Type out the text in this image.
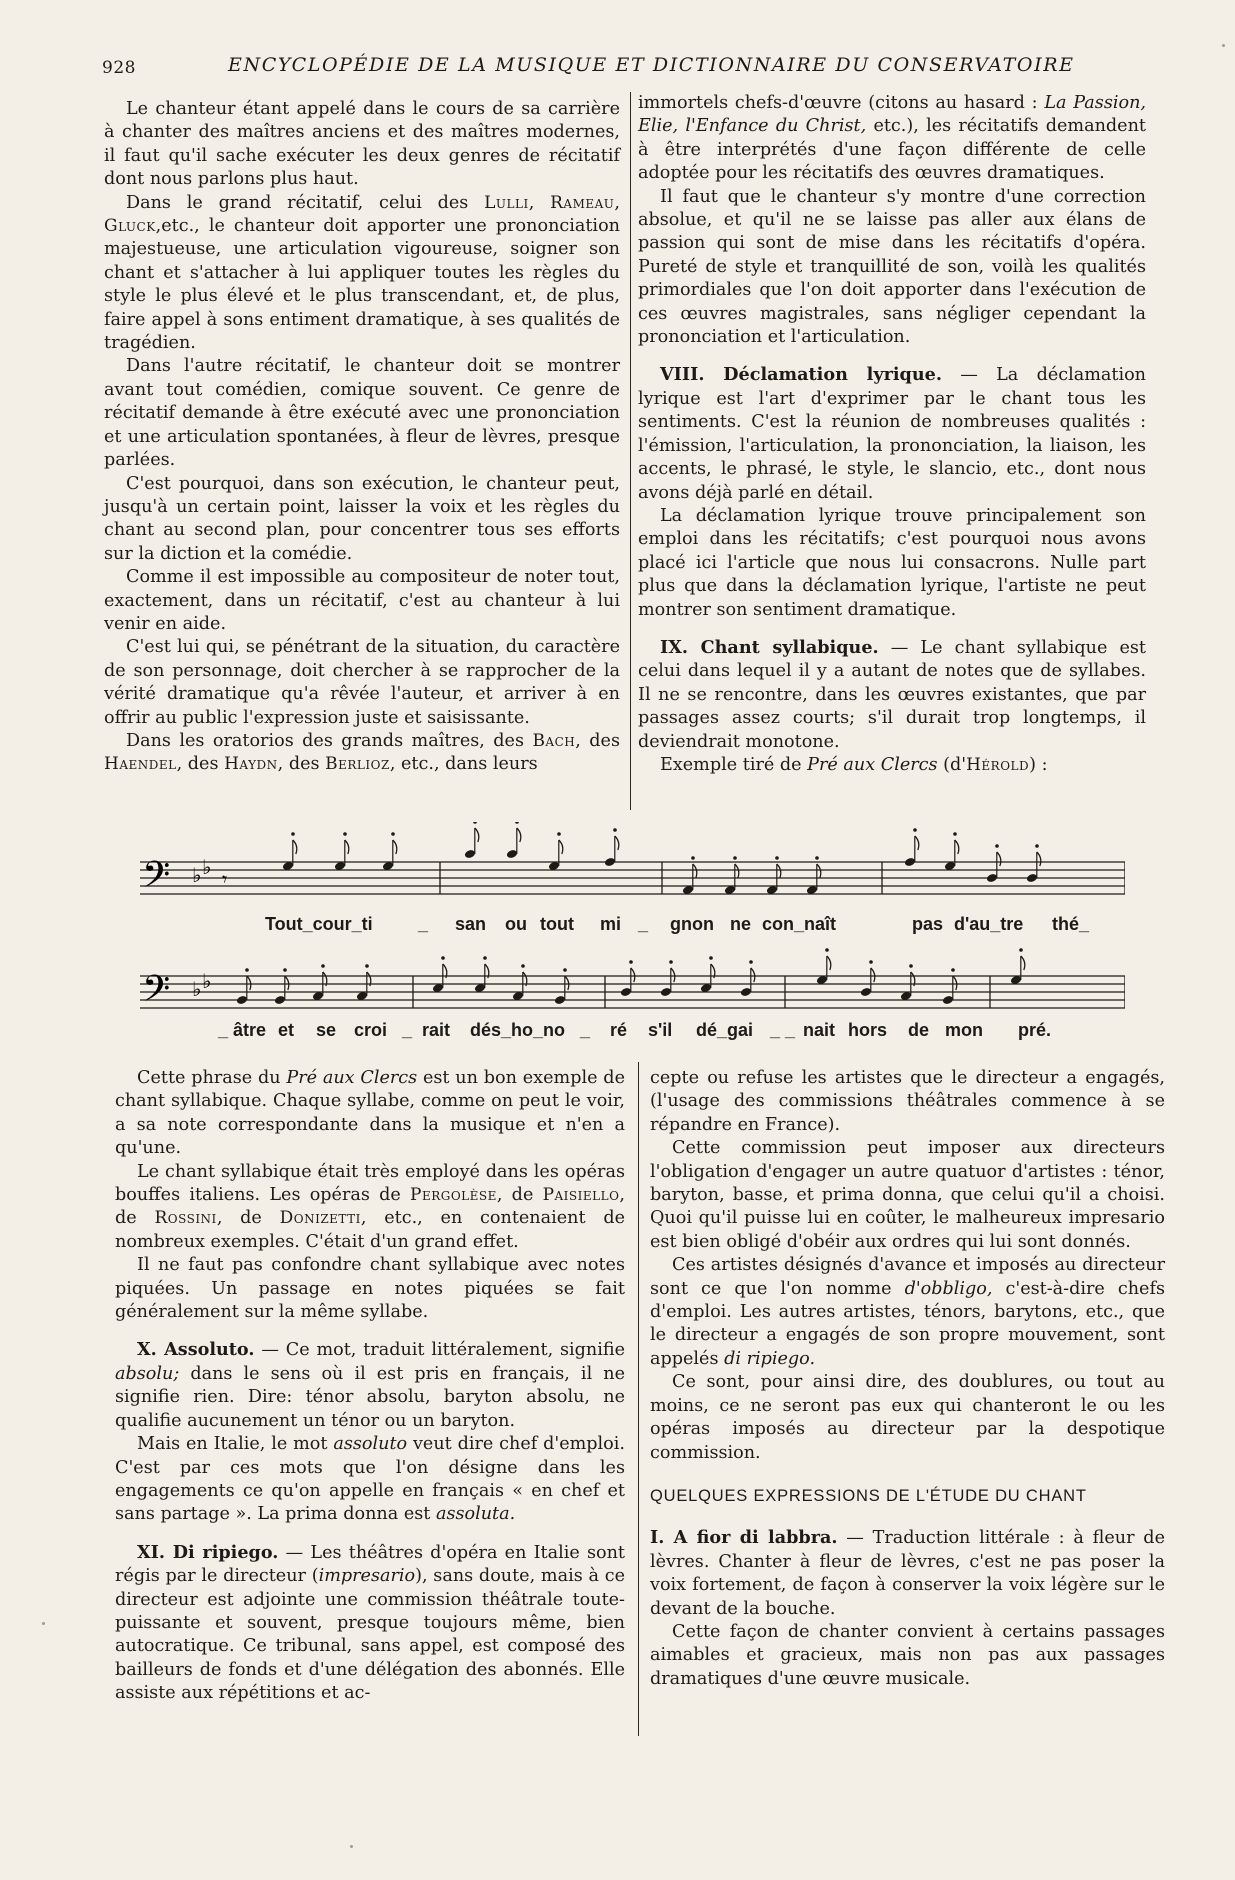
928	ENCYCLOPÉDIE DE LA MUSIQUE ET DICTIONNAIRE DU CONSERVATOIRE

Le chanteur étant appelé dans le cours de sa carrière à chanter des maîtres anciens et des maîtres modernes, il faut qu'il sache exécuter les deux genres de récitatif dont nous parlons plus haut.

Dans le grand récitatif, celui des Lulli, Rameau, Gluck,etc., le chanteur doit apporter une prononciation majestueuse, une articulation vigoureuse, soigner son chant et s'attacher à lui appliquer toutes les règles du style le plus élevé et le plus transcendant, et, de plus, faire appel à sons entiment dramatique, à ses qualités de tragédien.

Dans l'autre récitatif, le chanteur doit se montrer avant tout comédien, comique souvent. Ce genre de récitatif demande à être exécuté avec une prononciation et une articulation spontanées, à fleur de lèvres, presque parlées.

C'est pourquoi, dans son exécution, le chanteur peut, jusqu'à un certain point, laisser la voix et les règles du chant au second plan, pour concentrer tous ses efforts sur la diction et la comédie.

Comme il est impossible au compositeur de noter tout, exactement, dans un récitatif, c'est au chanteur à lui venir en aide.

C'est lui qui, se pénétrant de la situation, du caractère de son personnage, doit chercher à se rapprocher de la vérité dramatique qu'a rêvée l'auteur, et arriver à en offrir au public l'expression juste et saisissante.

Dans les oratorios des grands maîtres, des Bach, des Haendel, des Haydn, des Berlioz, etc., dans leurs

immortels chefs-d'œuvre (citons au hasard : La Passion, Elie, l'Enfance du Christ, etc.), les récitatifs demandent à être interprétés d'une façon différente de celle adoptée pour les récitatifs des œuvres dramatiques.

Il faut que le chanteur s'y montre d'une correction absolue, et qu'il ne se laisse pas aller aux élans de passion qui sont de mise dans les récitatifs d'opéra. Pureté de style et tranquillité de son, voilà les qualités primordiales que l'on doit apporter dans l'exécution de ces œuvres magistrales, sans négliger cependant la prononciation et l'articulation.

VIII. Déclamation lyrique. — La déclamation lyrique est l'art d'exprimer par le chant tous les sentiments. C'est la réunion de nombreuses qualités : l'émission, l'articulation, la prononciation, la liaison, les accents, le phrasé, le style, le slancio, etc., dont nous avons déjà parlé en détail.

La déclamation lyrique trouve principalement son emploi dans les récitatifs; c'est pourquoi nous avons placé ici l'article que nous lui consacrons. Nulle part plus que dans la déclamation lyrique, l'artiste ne peut montrer son sentiment dramatique.

IX. Chant syllabique. — Le chant syllabique est celui dans lequel il y a autant de notes que de syllabes. Il ne se rencontre, dans les œuvres existantes, que par passages assez courts; s'il durait trop longtemps, il deviendrait monotone.

Exemple tiré de Pré aux Clercs (d'Hérold) :

𝄢 ♭ ♭ 𝄾
Tout_cour_ti	_ san ou tout mi _ gnon ne con_naît	pas d'au_tre thé_
𝄢 ♭ ♭
_ âtre et se croi _ rait dés_ho_no _ ré s'il dé_gai _ _ nait hors de mon pré.

Cette phrase du Pré aux Clercs est un bon exemple de chant syllabique. Chaque syllabe, comme on peut le voir, a sa note correspondante dans la musique et n'en a qu'une.

Le chant syllabique était très employé dans les opéras bouffes italiens. Les opéras de Pergolèse, de Paisiello, de Rossini, de Donizetti, etc., en contenaient de nombreux exemples. C'était d'un grand effet.

Il ne faut pas confondre chant syllabique avec notes piquées. Un passage en notes piquées se fait généralement sur la même syllabe.

X. Assoluto. — Ce mot, traduit littéralement, signifie absolu; dans le sens où il est pris en français, il ne signifie rien. Dire: ténor absolu, baryton absolu, ne qualifie aucunement un ténor ou un baryton.

Mais en Italie, le mot assoluto veut dire chef d'emploi. C'est par ces mots que l'on désigne dans les engagements ce qu'on appelle en français « en chef et sans partage ». La prima donna est assoluta.

XI. Di ripiego. — Les théâtres d'opéra en Italie sont régis par le directeur (impresario), sans doute, mais à ce directeur est adjointe une commission théâtrale toute-puissante et souvent, presque toujours même, bien autocratique. Ce tribunal, sans appel, est composé des bailleurs de fonds et d'une délégation des abonnés. Elle assiste aux répétitions et ac-

cepte ou refuse les artistes que le directeur a engagés, (l'usage des commissions théâtrales commence à se répandre en France).

Cette commission peut imposer aux directeurs l'obligation d'engager un autre quatuor d'artistes : ténor, baryton, basse, et prima donna, que celui qu'il a choisi. Quoi qu'il puisse lui en coûter, le malheureux impresario est bien obligé d'obéir aux ordres qui lui sont donnés.

Ces artistes désignés d'avance et imposés au directeur sont ce que l'on nomme d'obbligo, c'est-à-dire chefs d'emploi. Les autres artistes, ténors, barytons, etc., que le directeur a engagés de son propre mouvement, sont appelés di ripiego.

Ce sont, pour ainsi dire, des doublures, ou tout au moins, ce ne seront pas eux qui chanteront le ou les opéras imposés au directeur par la despotique commission.

QUELQUES EXPRESSIONS DE L'ÉTUDE DU CHANT

I. A fior di labbra. — Traduction littérale : à fleur de lèvres. Chanter à fleur de lèvres, c'est ne pas poser la voix fortement, de façon à conserver la voix légère sur le devant de la bouche.

Cette façon de chanter convient à certains passages aimables et gracieux, mais non pas aux passages dramatiques d'une œuvre musicale.
